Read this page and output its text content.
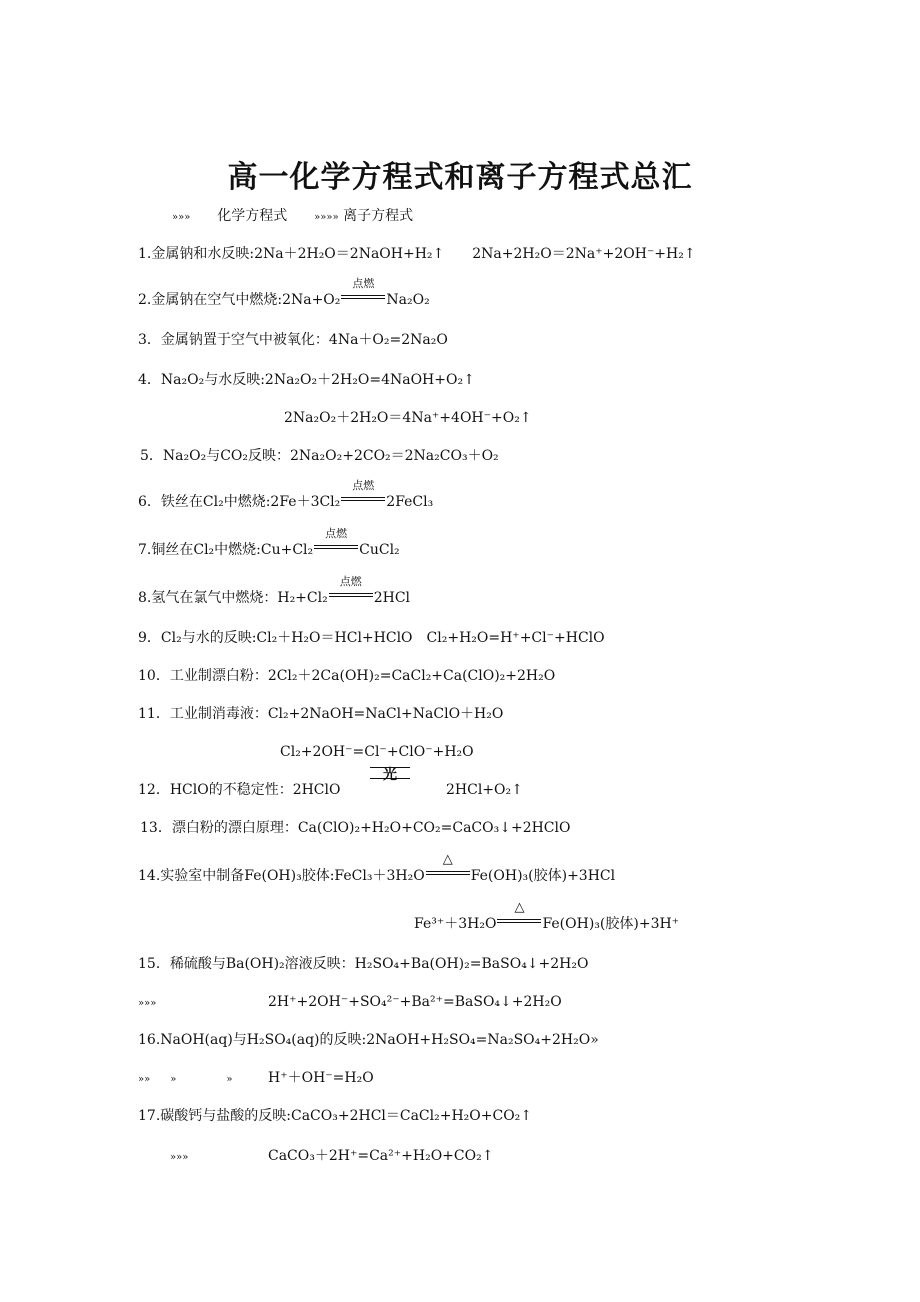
高一化学方程式和离子方程式总汇
»»» 化学方程式	»»»» 离子方程式
1.金属钠和水反映:2Na＋2H₂O＝2NaOH+H₂↑　　2Na+2H₂O＝2Na⁺+2OH⁻+H₂↑
2.金属钠在空气中燃烧:2Na+O₂
点燃
Na₂O₂
3．金属钠置于空气中被氧化：4Na＋O₂=2Na₂O
4．Na₂O₂与水反映:2Na₂O₂＋2H₂O=4NaOH+O₂↑
2Na₂O₂＋2H₂O＝4Na⁺+4OH⁻+O₂↑
5．Na₂O₂与CO₂反映：2Na₂O₂+2CO₂＝2Na₂CO₃＋O₂
6．铁丝在Cl₂中燃烧:2Fe＋3Cl₂
点燃
2FeCl₃
7.铜丝在Cl₂中燃烧:Cu+Cl₂
点燃
CuCl₂
8.氢气在氯气中燃烧：H₂+Cl₂
点燃
2HCl
9．Cl₂与水的反映:Cl₂＋H₂O＝HCl+HClO　Cl₂+H₂O=H⁺+Cl⁻+HClO
10．工业制漂白粉：2Cl₂＋2Ca(OH)₂=CaCl₂+Ca(ClO)₂+2H₂O
11．工业制消毒液：Cl₂+2NaOH=NaCl+NaClO＋H₂O
Cl₂+2OH⁻=Cl⁻+ClO⁻+H₂O
光
12．HClO的不稳定性：2HClO	2HCl+O₂↑
13．漂白粉的漂白原理：Ca(ClO)₂+H₂O+CO₂=CaCO₃↓+2HClO
14.实验室中制备Fe(OH)₃胶体:FeCl₃＋3H₂O
△
Fe(OH)₃(胶体)+3HCl
Fe³⁺＋3H₂O
△
Fe(OH)₃(胶体)+3H⁺
15．稀硫酸与Ba(OH)₂溶液反映：H₂SO₄+Ba(OH)₂=BaSO₄↓+2H₂O
»»»	2H⁺+2OH⁻+SO₄²⁻+Ba²⁺=BaSO₄↓+2H₂O
16.NaOH(aq)与H₂SO₄(aq)的反映:2NaOH+H₂SO₄=Na₂SO₄+2H₂O»
»»　　»　　　　　»	H⁺＋OH⁻=H₂O
17.碳酸钙与盐酸的反映:CaCO₃+2HCl＝CaCl₂+H₂O+CO₂↑
»»»	CaCO₃＋2H⁺=Ca²⁺+H₂O+CO₂↑
